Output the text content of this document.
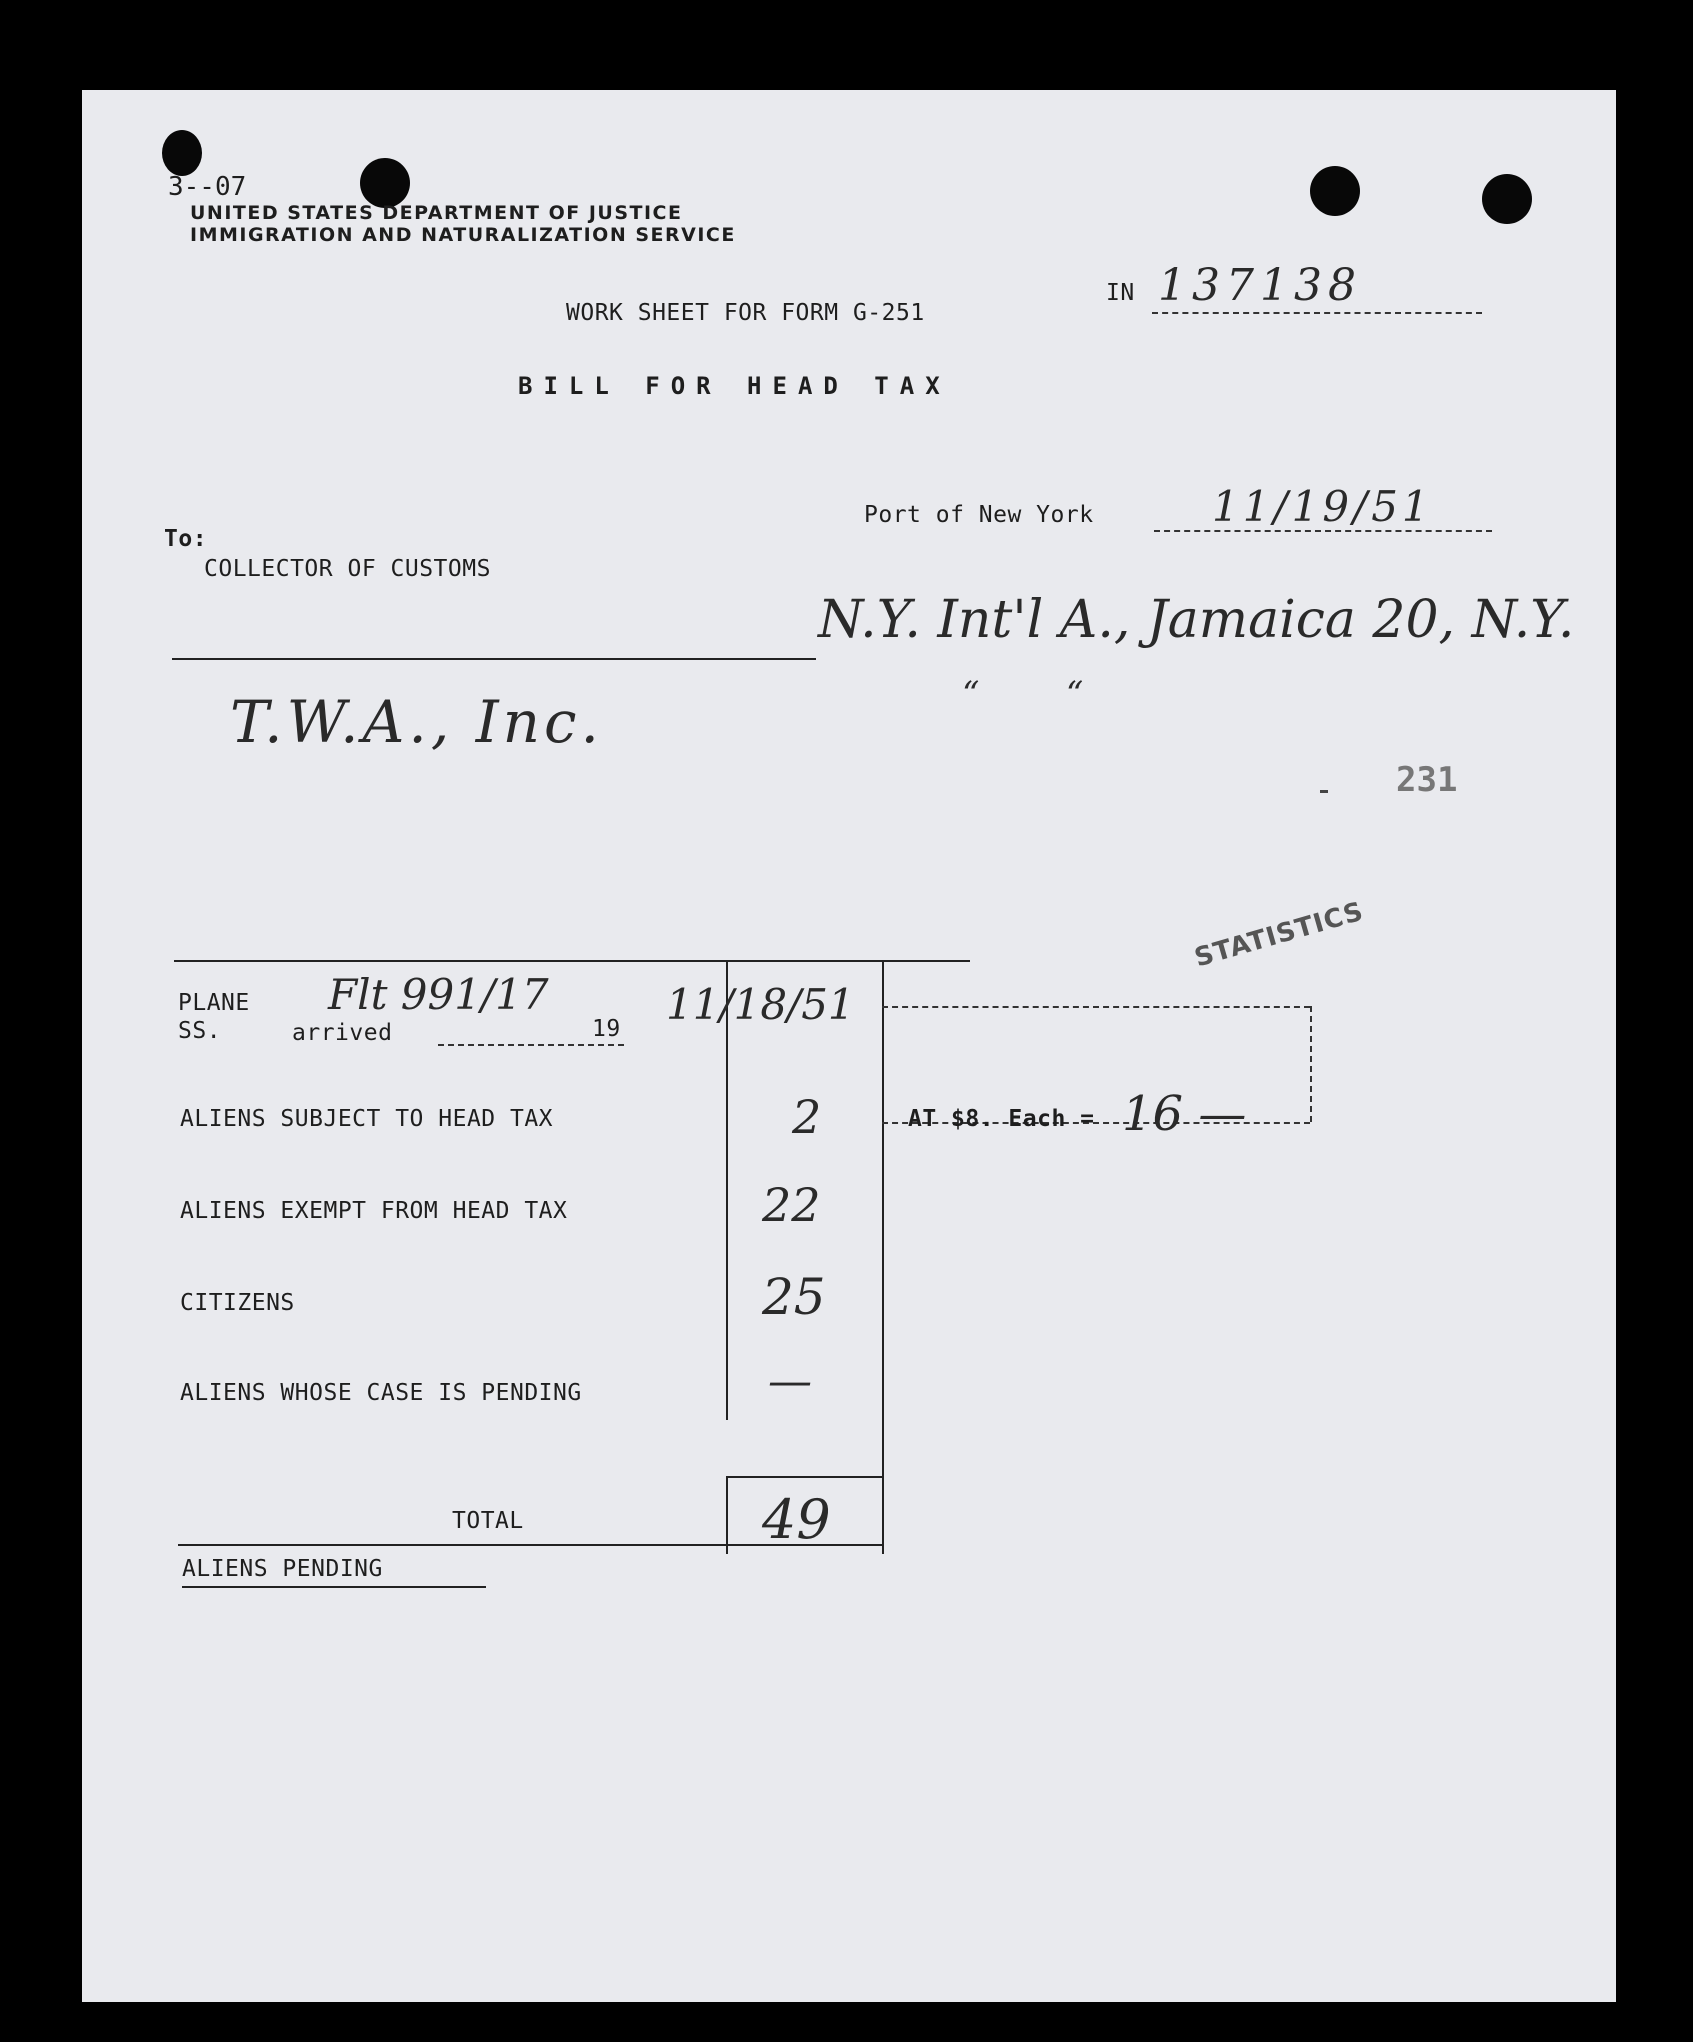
3--07
UNITED STATES DEPARTMENT OF JUSTICE
IMMIGRATION AND NATURALIZATION SERVICE
IN 137138
WORK SHEET FOR FORM G-251
BILL FOR HEAD TAX
Port of New York	11/19/51
To:
COLLECTOR OF CUSTOMS
N.Y. Int'l A., Jamaica 20, N.Y.
“        “
T.W.A., Inc.
231
STATISTICS
PLANE
SS.	arrived	19
Flt 991/17	11/18/51
ALIENS SUBJECT TO HEAD TAX	2	AT $8. Each = 16 —
ALIENS EXEMPT FROM HEAD TAX	22
CITIZENS	25
ALIENS WHOSE CASE IS PENDING	—
TOTAL	49
ALIENS PENDING
